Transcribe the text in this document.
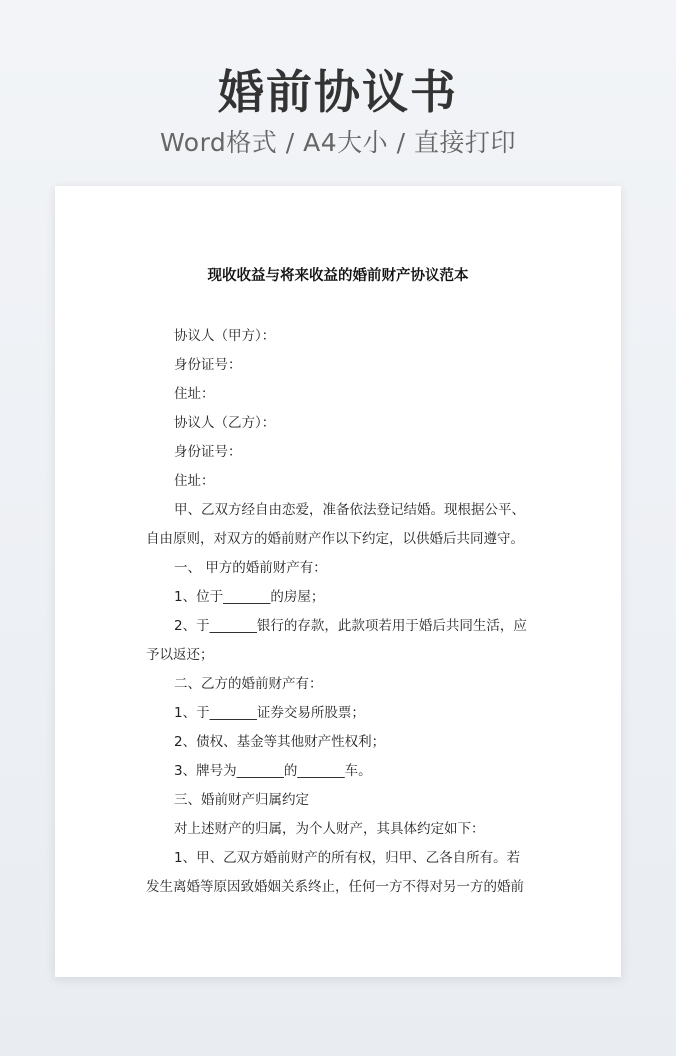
婚前协议书
Word格式 / A4大小 / 直接打印
现收收益与将来收益的婚前财产协议范本
协议人（甲方）：
身份证号：
住址：
协议人（乙方）：
身份证号：
住址：
甲、乙双方经自由恋爱，准备依法登记结婚。现根据公平、
自由原则，对双方的婚前财产作以下约定，以供婚后共同遵守。
一、 甲方的婚前财产有：
1、位于_______的房屋；
2、于_______银行的存款，此款项若用于婚后共同生活，应
予以返还；
二、乙方的婚前财产有：
1、于_______证券交易所股票；
2、债权、基金等其他财产性权利；
3、牌号为_______的_______车。
三、婚前财产归属约定
对上述财产的归属，为个人财产，其具体约定如下：
1、甲、乙双方婚前财产的所有权，归甲、乙各自所有。若
发生离婚等原因致婚姻关系终止，任何一方不得对另一方的婚前
